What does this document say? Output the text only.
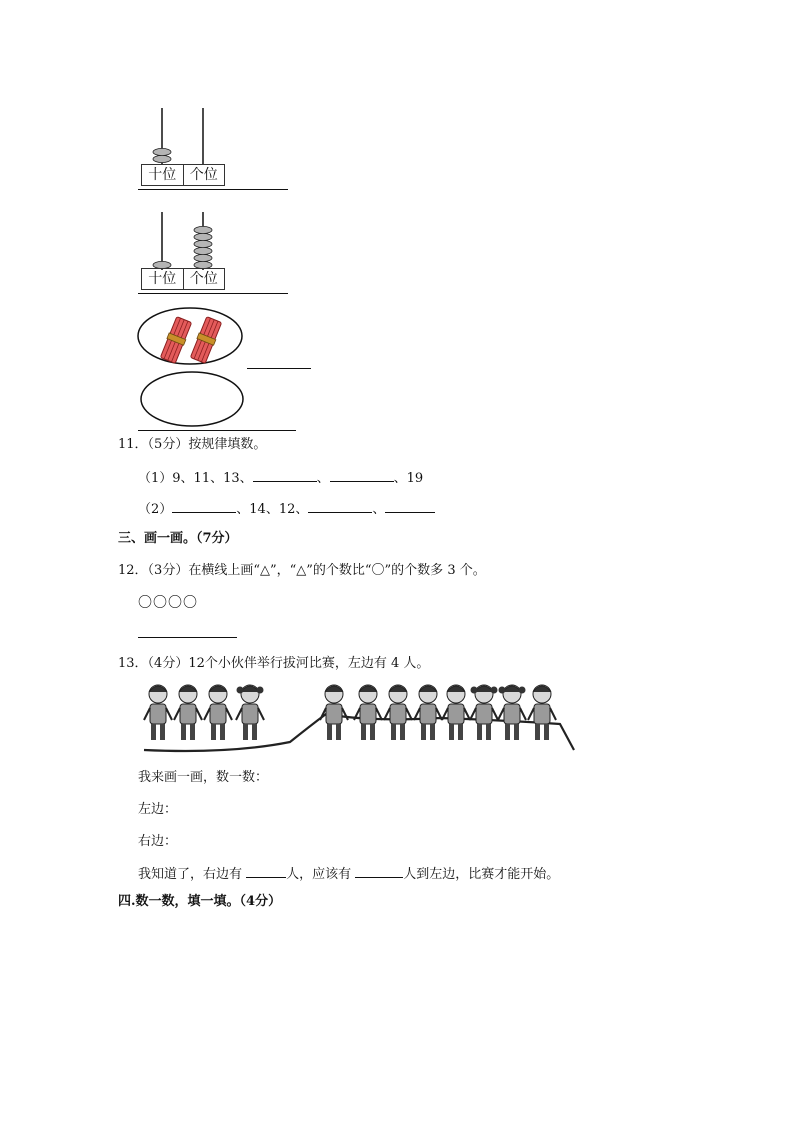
十位 个位
十位 个位
11．（5分）按规律填数。
（1）9、11、13、	、	、19
（2）	、14、12、	、
三、画一画。（7分）
12．（3分）在横线上画“△”，“△”的个数比“〇”的个数多 3 个。
〇〇〇〇
13．（4分）12个小伙伴举行拔河比赛，左边有 4 人。
我来画一画，数一数：
左边：
右边：
我知道了，右边有	人，应该有	人到左边，比赛才能开始。
四.数一数，填一填。（4分）
